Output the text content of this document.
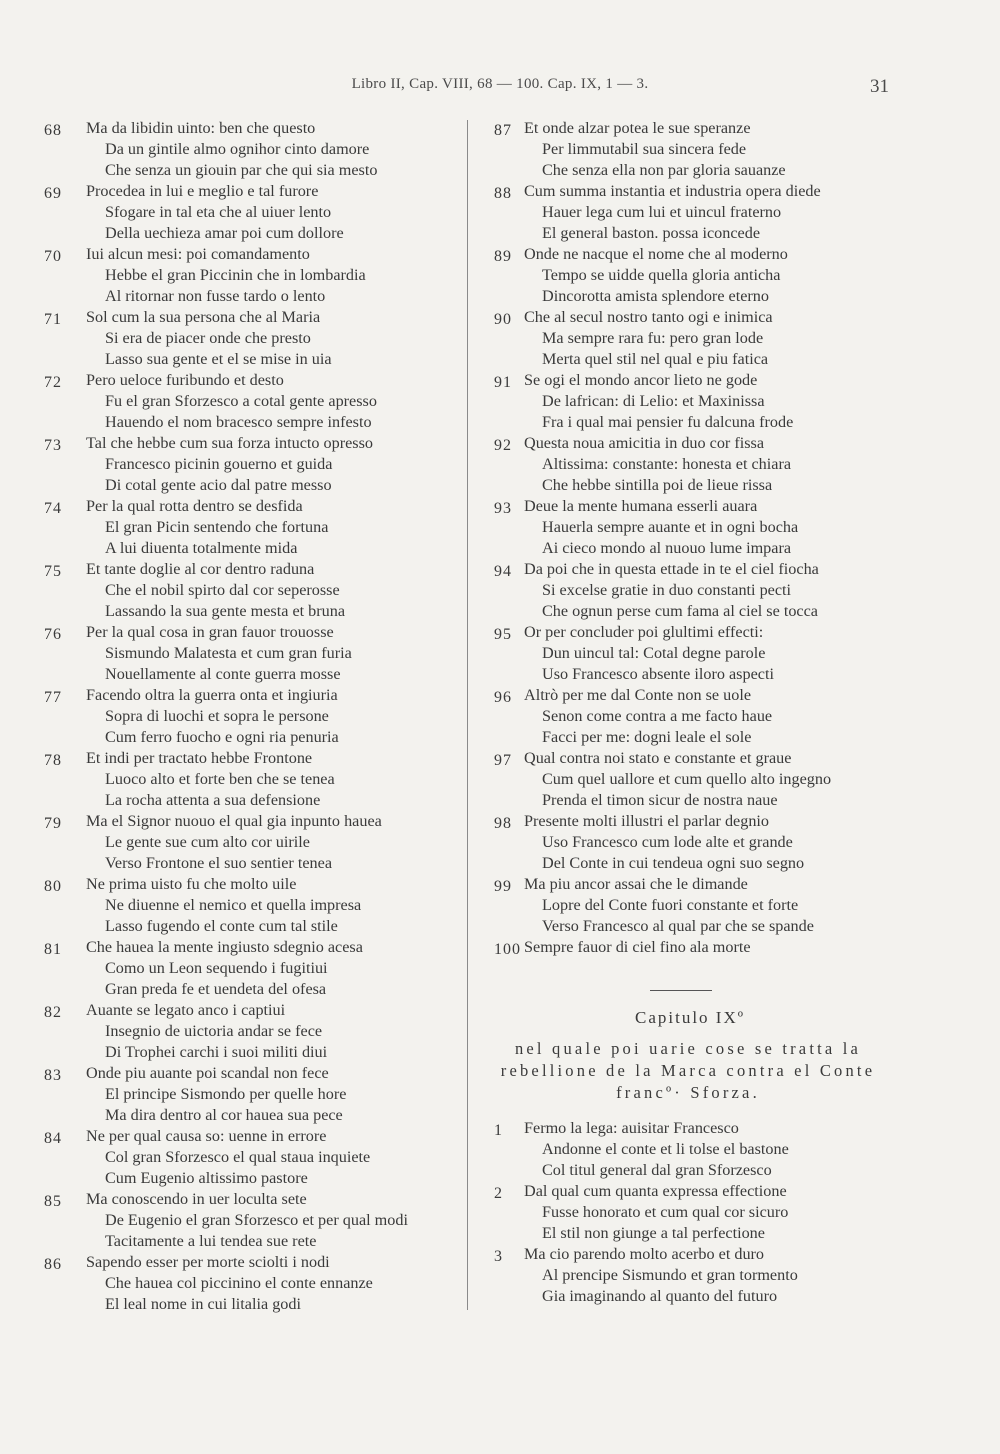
Libro II, Cap. VIII, 68 — 100. Cap. IX, 1 — 3.	31
68 Ma da libidin uinto: ben che questo
Da un gintile almo ognihor cinto damore
Che senza un giouin par che qui sia mesto
69 Procedea in lui e meglio e tal furore
Sfogare in tal eta che al uiuer lento
Della uechieza amar poi cum dollore
70 Iui alcun mesi: poi comandamento
Hebbe el gran Piccinin che in lombardia
Al ritornar non fusse tardo o lento
71 Sol cum la sua persona che al Maria
Si era de piacer onde che presto
Lasso sua gente et el se mise in uia
72 Pero ueloce furibundo et desto
Fu el gran Sforzesco a cotal gente apresso
Hauendo el nom bracesco sempre infesto
73 Tal che hebbe cum sua forza intucto opresso
Francesco picinin gouerno et guida
Di cotal gente acio dal patre messo
74 Per la qual rotta dentro se desfida
El gran Picin sentendo che fortuna
A lui diuenta totalmente mida
75 Et tante doglie al cor dentro raduna
Che el nobil spirto dal cor seperosse
Lassando la sua gente mesta et bruna
76 Per la qual cosa in gran fauor trouosse
Sismundo Malatesta et cum gran furia
Nouellamente al conte guerra mosse
77 Facendo oltra la guerra onta et ingiuria
Sopra di luochi et sopra le persone
Cum ferro fuocho e ogni ria penuria
78 Et indi per tractato hebbe Frontone
Luoco alto et forte ben che se tenea
La rocha attenta a sua defensione
79 Ma el Signor nuouo el qual gia inpunto hauea
Le gente sue cum alto cor uirile
Verso Frontone el suo sentier tenea
80 Ne prima uisto fu che molto uile
Ne diuenne el nemico et quella impresa
Lasso fugendo el conte cum tal stile
81 Che hauea la mente ingiusto sdegnio acesa
Como un Leon sequendo i fugitiui
Gran preda fe et uendeta del ofesa
82 Auante se legato anco i captiui
Insegnio de uictoria andar se fece
Di Trophei carchi i suoi militi diui
83 Onde piu auante poi scandal non fece
El principe Sismondo per quelle hore
Ma dira dentro al cor hauea sua pece
84 Ne per qual causa so: uenne in errore
Col gran Sforzesco el qual staua inquiete
Cum Eugenio altissimo pastore
85 Ma conoscendo in uer loculta sete
De Eugenio el gran Sforzesco et per qual modi
Tacitamente a lui tendea sue rete
86 Sapendo esser per morte sciolti i nodi
Che hauea col piccinino el conte ennanze
El leal nome in cui litalia godi
87 Et onde alzar potea le sue speranze
Per limmutabil sua sincera fede
Che senza ella non par gloria sauanze
88 Cum summa instantia et industria opera diede
Hauer lega cum lui et uincul fraterno
El general baston. possa iconcede
89 Onde ne nacque el nome che al moderno
Tempo se uidde quella gloria anticha
Dincorotta amista splendore eterno
90 Che al secul nostro tanto ogi e inimica
Ma sempre rara fu: pero gran lode
Merta quel stil nel qual e piu fatica
91 Se ogi el mondo ancor lieto ne gode
De lafrican: di Lelio: et Maxinissa
Fra i qual mai pensier fu dalcuna frode
92 Questa noua amicitia in duo cor fissa
Altissima: constante: honesta et chiara
Che hebbe sintilla poi de lieue rissa
93 Deue la mente humana esserli auara
Hauerla sempre auante et in ogni bocha
Ai cieco mondo al nuouo lume impara
94 Da poi che in questa ettade in te el ciel fiocha
Si excelse gratie in duo constanti pecti
Che ognun perse cum fama al ciel se tocca
95 Or per concluder poi glultimi effecti:
Dun uincul tal: Cotal degne parole
Uso Francesco absente iloro aspecti
96 Altrò per me dal Conte non se uole
Senon come contra a me facto haue
Facci per me: dogni leale el sole
97 Qual contra noi stato e constante et graue
Cum quel uallore et cum quello alto ingegno
Prenda el timon sicur de nostra naue
98 Presente molti illustri el parlar degnio
Uso Francesco cum lode alte et grande
Del Conte in cui tendeua ogni suo segno
99 Ma piu ancor assai che le dimande
Lopre del Conte fuori constante et forte
Verso Francesco al qual par che se spande
100 Sempre fauor di ciel fino ala morte
Capitulo IXº
nel quale poi uarie cose se tratta la
rebellione de la Marca contra el Conte
francº· Sforza.
1 Fermo la lega: auisitar Francesco
Andonne el conte et li tolse el bastone
Col titul general dal gran Sforzesco
2 Dal qual cum quanta expressa effectione
Fusse honorato et cum qual cor sicuro
El stil non giunge a tal perfectione
3 Ma cio parendo molto acerbo et duro
Al prencipe Sismundo et gran tormento
Gia imaginando al quanto del futuro
